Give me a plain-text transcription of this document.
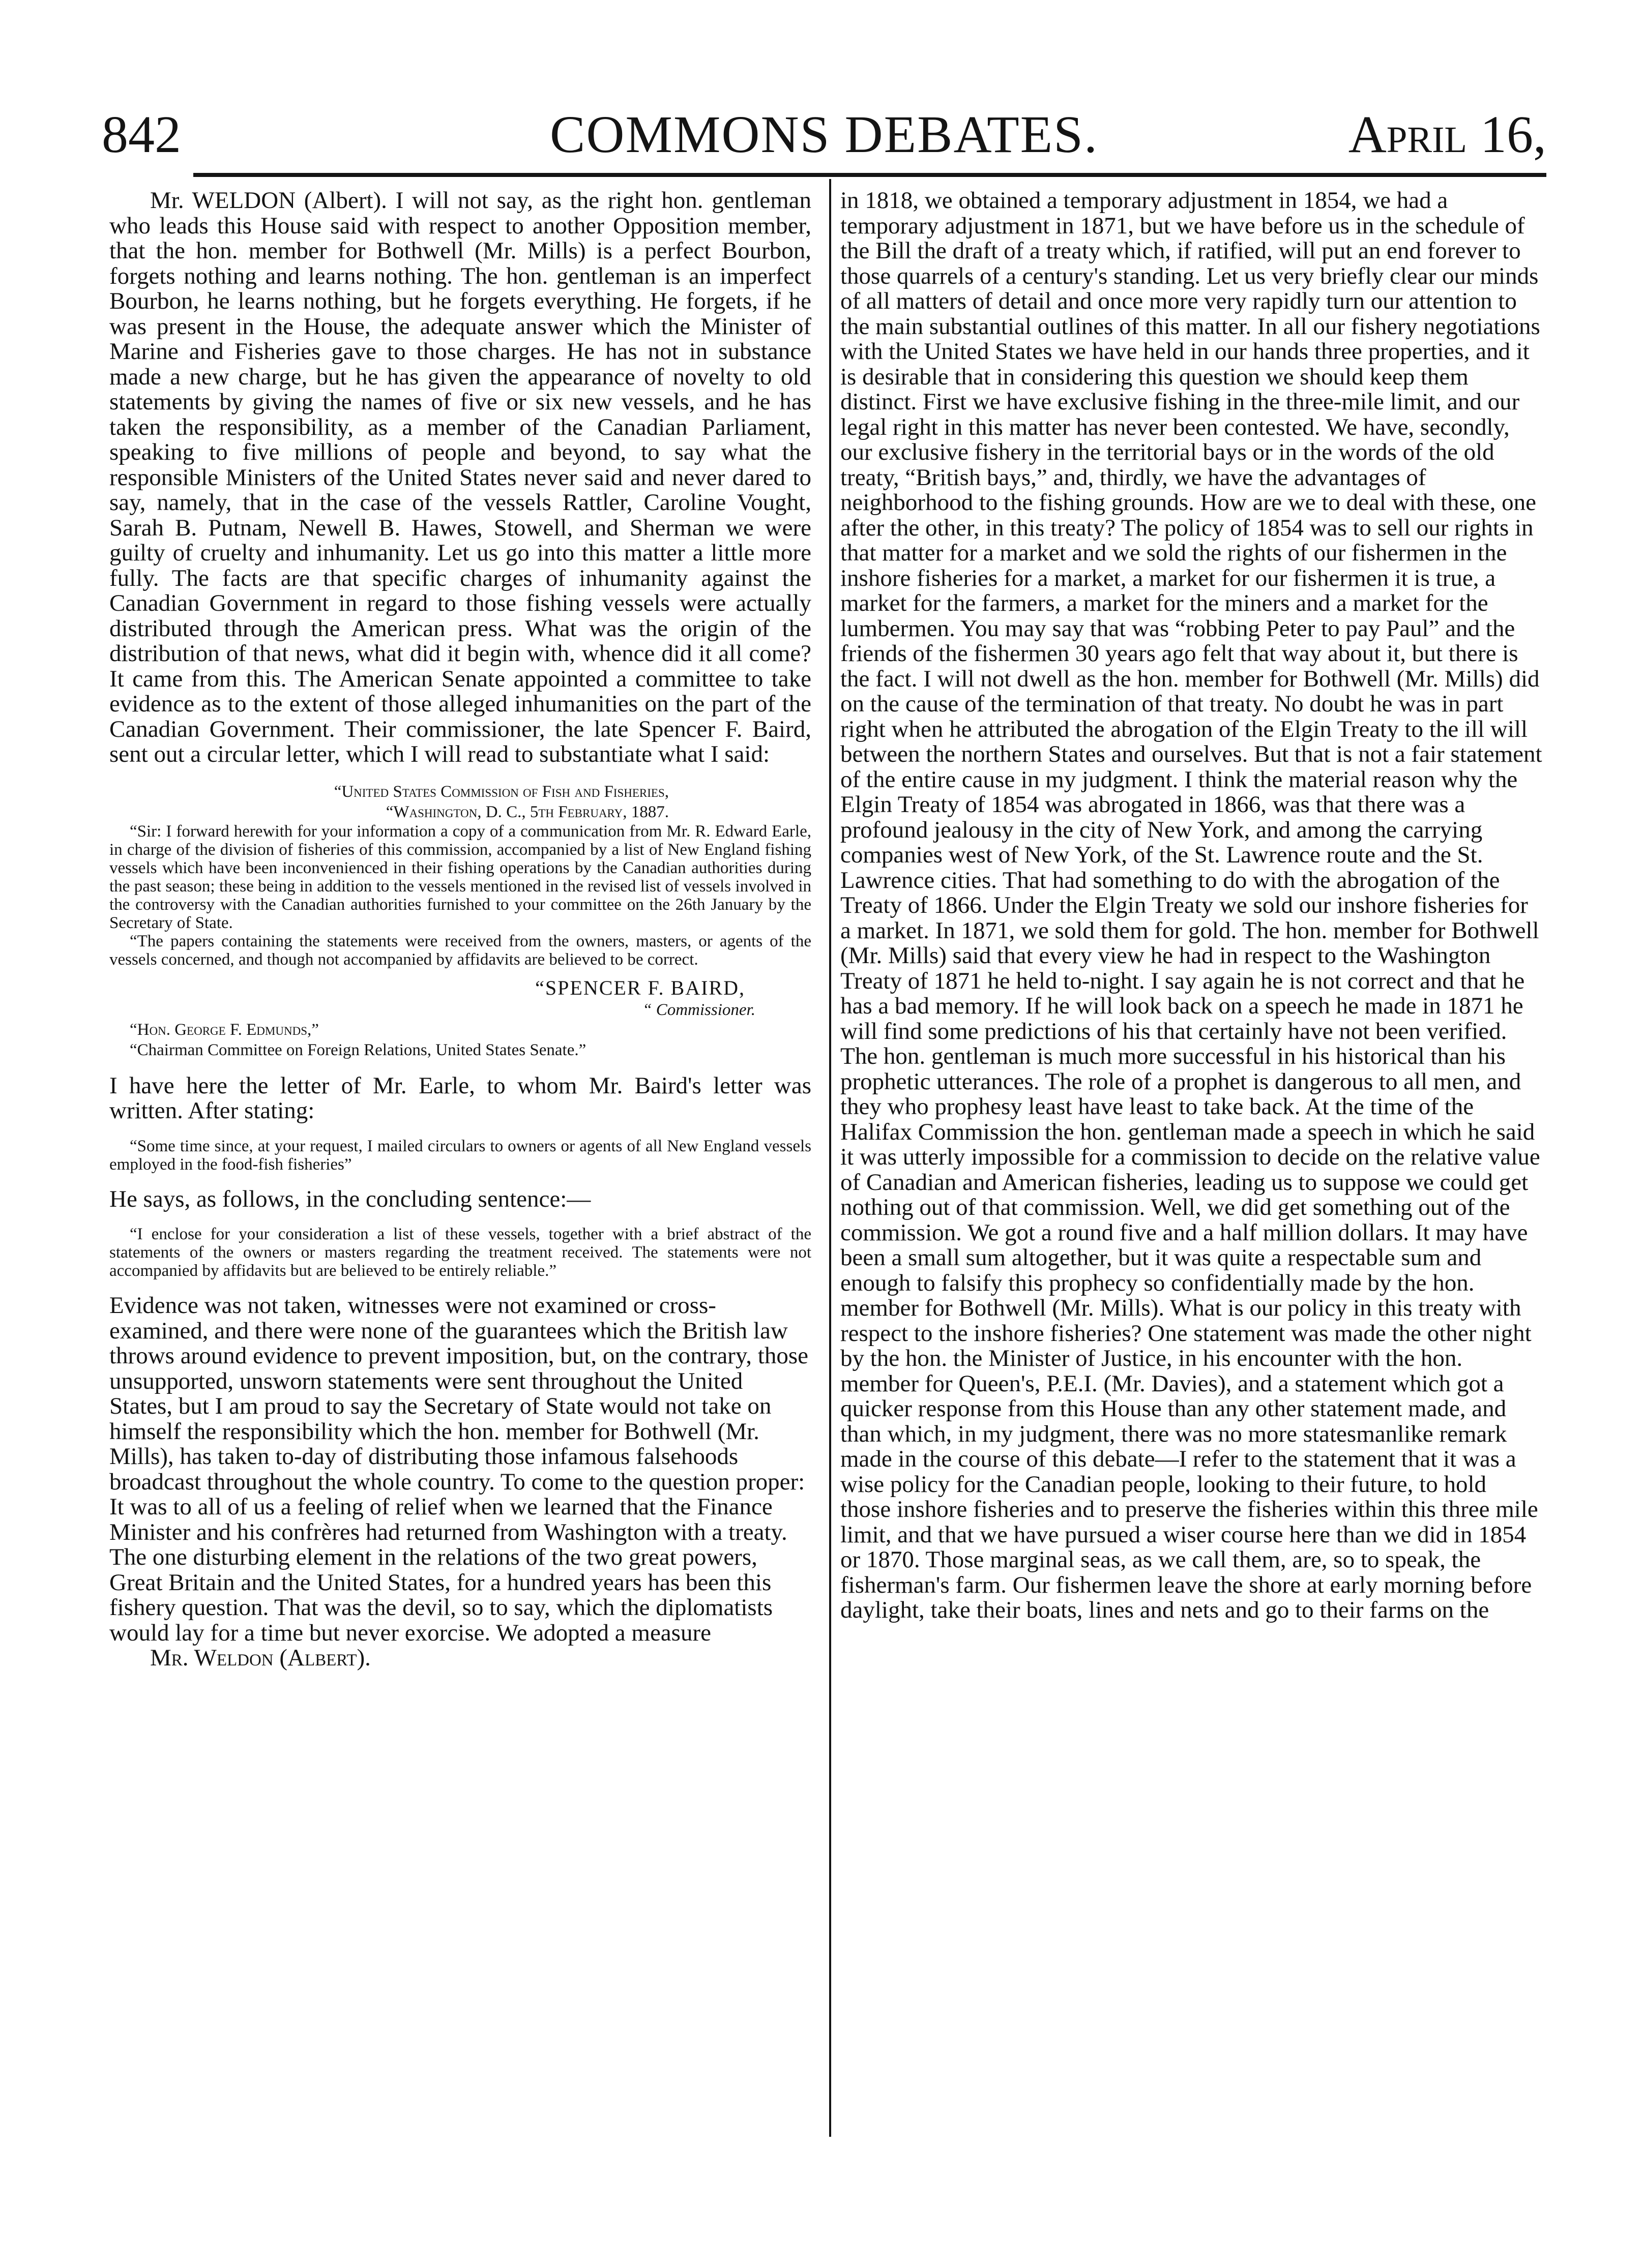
842	COMMONS DEBATES.	April 16,

Mr. WELDON (Albert). I will not say, as the right hon. gentleman who leads this House said with respect to another Opposition member, that the hon. member for Bothwell (Mr. Mills) is a perfect Bourbon, forgets nothing and learns nothing. The hon. gentleman is an imperfect Bourbon, he learns nothing, but he forgets everything. He forgets, if he was present in the House, the adequate answer which the Minister of Marine and Fisheries gave to those charges. He has not in substance made a new charge, but he has given the appearance of novelty to old statements by giving the names of five or six new vessels, and he has taken the responsibility, as a member of the Canadian Parliament, speaking to five millions of people and beyond, to say what the responsible Ministers of the United States never said and never dared to say, namely, that in the case of the vessels Rattler, Caroline Vought, Sarah B. Putnam, Newell B. Hawes, Stowell, and Sherman we were guilty of cruelty and inhumanity. Let us go into this matter a little more fully. The facts are that specific charges of inhumanity against the Canadian Government in regard to those fishing vessels were actually distributed through the American press. What was the origin of the distribution of that news, what did it begin with, whence did it all come? It came from this. The American Senate appointed a committee to take evidence as to the extent of those alleged inhumanities on the part of the Canadian Government. Their commissioner, the late Spencer F. Baird, sent out a circular letter, which I will read to substantiate what I said:

“United States Commission of Fish and Fisheries,

“Washington, D. C., 5th February, 1887.

“Sir: I forward herewith for your information a copy of a communication from Mr. R. Edward Earle, in charge of the division of fisheries of this commission, accompanied by a list of New England fishing vessels which have been inconvenienced in their fishing operations by the Canadian authorities during the past season; these being in addition to the vessels mentioned in the revised list of vessels involved in the controversy with the Canadian authorities furnished to your committee on the 26th January by the Secretary of State.

“The papers containing the statements were received from the owners, masters, or agents of the vessels concerned, and though not accompanied by affidavits are believed to be correct.

“SPENCER F. BAIRD,

“ Commissioner.

“Hon. George F. Edmunds,”

“Chairman Committee on Foreign Relations, United States Senate.”

I have here the letter of Mr. Earle, to whom Mr. Baird's letter was written. After stating:

“Some time since, at your request, I mailed circulars to owners or agents of all New England vessels employed in the food-fish fisheries”

He says, as follows, in the concluding sentence:—

“I enclose for your consideration a list of these vessels, together with a brief abstract of the statements of the owners or masters regarding the treatment received. The statements were not accompanied by affidavits but are believed to be entirely reliable.”

Evidence was not taken, witnesses were not examined or cross-examined, and there were none of the guarantees which the British law throws around evidence to prevent imposition, but, on the contrary, those unsupported, unsworn statements were sent throughout the United States, but I am proud to say the Secretary of State would not take on himself the responsibility which the hon. member for Bothwell (Mr. Mills), has taken to-day of distributing those infamous falsehoods broadcast throughout the whole country. To come to the question proper: It was to all of us a feeling of relief when we learned that the Finance Minister and his confrères had returned from Washington with a treaty. The one disturbing element in the relations of the two great powers, Great Britain and the United States, for a hundred years has been this fishery question. That was the devil, so to say, which the diplomatists would lay for a time but never exorcise. We adopted a measure

Mr. Weldon (Albert).

in 1818, we obtained a temporary adjustment in 1854, we had a temporary adjustment in 1871, but we have before us in the schedule of the Bill the draft of a treaty which, if ratified, will put an end forever to those quarrels of a century's standing. Let us very briefly clear our minds of all matters of detail and once more very rapidly turn our attention to the main substantial outlines of this matter. In all our fishery negotiations with the United States we have held in our hands three properties, and it is desirable that in considering this question we should keep them distinct. First we have exclusive fishing in the three-mile limit, and our legal right in this matter has never been contested. We have, secondly, our exclusive fishery in the territorial bays or in the words of the old treaty, “British bays,” and, thirdly, we have the advantages of neighborhood to the fishing grounds. How are we to deal with these, one after the other, in this treaty? The policy of 1854 was to sell our rights in that matter for a market and we sold the rights of our fishermen in the inshore fisheries for a market, a market for our fishermen it is true, a market for the farmers, a market for the miners and a market for the lumbermen. You may say that was “robbing Peter to pay Paul” and the friends of the fishermen 30 years ago felt that way about it, but there is the fact. I will not dwell as the hon. member for Bothwell (Mr. Mills) did on the cause of the termination of that treaty. No doubt he was in part right when he attributed the abrogation of the Elgin Treaty to the ill will between the northern States and ourselves. But that is not a fair statement of the entire cause in my judgment. I think the material reason why the Elgin Treaty of 1854 was abrogated in 1866, was that there was a profound jealousy in the city of New York, and among the carrying companies west of New York, of the St. Lawrence route and the St. Lawrence cities. That had something to do with the abrogation of the Treaty of 1866. Under the Elgin Treaty we sold our inshore fisheries for a market. In 1871, we sold them for gold. The hon. member for Bothwell (Mr. Mills) said that every view he had in respect to the Washington Treaty of 1871 he held to-night. I say again he is not correct and that he has a bad memory. If he will look back on a speech he made in 1871 he will find some predictions of his that certainly have not been verified. The hon. gentleman is much more successful in his historical than his prophetic utterances. The role of a prophet is dangerous to all men, and they who prophesy least have least to take back. At the time of the Halifax Commission the hon. gentleman made a speech in which he said it was utterly impossible for a commission to decide on the relative value of Canadian and American fisheries, leading us to suppose we could get nothing out of that commission. Well, we did get something out of the commission. We got a round five and a half million dollars. It may have been a small sum altogether, but it was quite a respectable sum and enough to falsify this prophecy so confidentially made by the hon. member for Bothwell (Mr. Mills). What is our policy in this treaty with respect to the inshore fisheries? One statement was made the other night by the hon. the Minister of Justice, in his encounter with the hon. member for Queen's, P.E.I. (Mr. Davies), and a statement which got a quicker response from this House than any other statement made, and than which, in my judgment, there was no more statesmanlike remark made in the course of this debate—I refer to the statement that it was a wise policy for the Canadian people, looking to their future, to hold those inshore fisheries and to preserve the fisheries within this three mile limit, and that we have pursued a wiser course here than we did in 1854 or 1870. Those marginal seas, as we call them, are, so to speak, the fisherman's farm. Our fishermen leave the shore at early morning before daylight, take their boats, lines and nets and go to their farms on the
